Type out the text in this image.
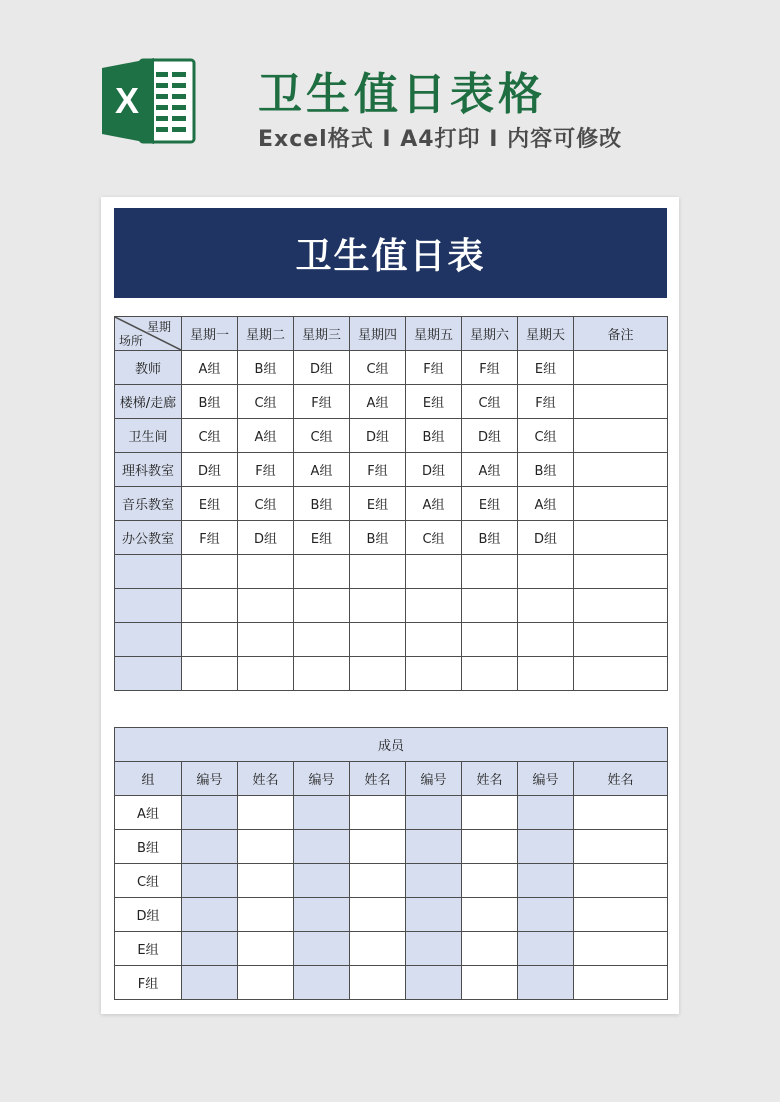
X	卫生值日表格
Excel格式 I A4打印 I 内容可修改
卫生值日表
星期
场所	星期一	星期二	星期三	星期四	星期五	星期六	星期天	备注
教师	A组	B组	D组	C组	F组	F组	E组	
楼梯/走廊	B组	C组	F组	A组	E组	C组	F组	
卫生间	C组	A组	C组	D组	B组	D组	C组	
理科教室	D组	F组	A组	F组	D组	A组	B组	
音乐教室	E组	C组	B组	E组	A组	E组	A组	
办公教室	F组	D组	E组	B组	C组	B组	D组	

成员								
组	编号	姓名	编号	姓名	编号	姓名	编号	姓名
A组								
B组								
C组								
D组								
E组								
F组								
